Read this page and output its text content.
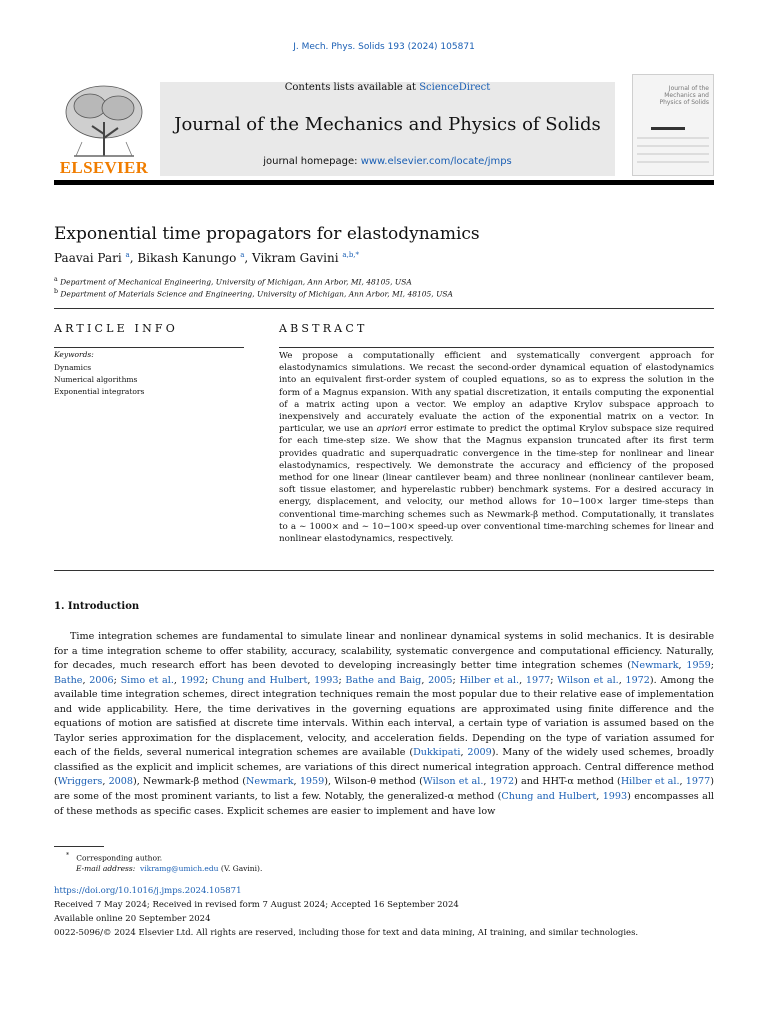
J. Mech. Phys. Solids 193 (2024) 105871
ELSEVIER
Contents lists available at ScienceDirect
Journal of the Mechanics and Physics of Solids
journal homepage: www.elsevier.com/locate/jmps
Journal of the Mechanics and Physics of Solids
Exponential time propagators for elastodynamics
Paavai Pari $^a$, Bikash Kanungo $^a$, Vikram Gavini $^{a,b,*}$
$^a$ Department of Mechanical Engineering, University of Michigan, Ann Arbor, MI, 48105, USA
$^b$ Department of Materials Science and Engineering, University of Michigan, Ann Arbor, MI, 48105, USA
ARTICLE INFO	ABSTRACT
Keywords:
Dynamics
Numerical algorithms
Exponential integrators
We propose a computationally efficient and systematically convergent approach for elastodynamics simulations. We recast the second-order dynamical equation of elastodynamics into an equivalent first-order system of coupled equations, so as to express the solution in the form of a Magnus expansion. With any spatial discretization, it entails computing the exponential of a matrix acting upon a vector. We employ an adaptive Krylov subspace approach to inexpensively and accurately evaluate the action of the exponential matrix on a vector. In particular, we use an apriori error estimate to predict the optimal Krylov subspace size required for each time-step size. We show that the Magnus expansion truncated after its first term provides quadratic and superquadratic convergence in the time-step for nonlinear and linear elastodynamics, respectively. We demonstrate the accuracy and efficiency of the proposed method for one linear (linear cantilever beam) and three nonlinear (nonlinear cantilever beam, soft tissue elastomer, and hyperelastic rubber) benchmark systems. For a desired accuracy in energy, displacement, and velocity, our method allows for 10−100× larger time-steps than conventional time-marching schemes such as Newmark-β method. Computationally, it translates to a ∼ 1000× and ∼ 10−100× speed-up over conventional time-marching schemes for linear and nonlinear elastodynamics, respectively.
1. Introduction
Time integration schemes are fundamental to simulate linear and nonlinear dynamical systems in solid mechanics. It is desirable for a time integration scheme to offer stability, accuracy, scalability, systematic convergence and computational efficiency. Naturally, for decades, much research effort has been devoted to developing increasingly better time integration schemes (Newmark, 1959; Bathe, 2006; Simo et al., 1992; Chung and Hulbert, 1993; Bathe and Baig, 2005; Hilber et al., 1977; Wilson et al., 1972). Among the available time integration schemes, direct integration techniques remain the most popular due to their relative ease of implementation and wide applicability. Here, the time derivatives in the governing equations are approximated using finite difference and the equations of motion are satisfied at discrete time intervals. Within each interval, a certain type of variation is assumed based on the Taylor series approximation for the displacement, velocity, and acceleration fields. Depending on the type of variation assumed for each of the fields, several numerical integration schemes are available (Dukkipati, 2009). Many of the widely used schemes, broadly classified as the explicit and implicit schemes, are variations of this direct numerical integration approach. Central difference method (Wriggers, 2008), Newmark-β method (Newmark, 1959), Wilson-θ method (Wilson et al., 1972) and HHT-α method (Hilber et al., 1977) are some of the most prominent variants, to list a few. Notably, the generalized-α method (Chung and Hulbert, 1993) encompasses all of these methods as specific cases. Explicit schemes are easier to implement and have low
* Corresponding author.
E-mail address: vikramg@umich.edu (V. Gavini).
https://doi.org/10.1016/j.jmps.2024.105871
Received 7 May 2024; Received in revised form 7 August 2024; Accepted 16 September 2024
Available online 20 September 2024
0022-5096/© 2024 Elsevier Ltd. All rights are reserved, including those for text and data mining, AI training, and similar technologies.
